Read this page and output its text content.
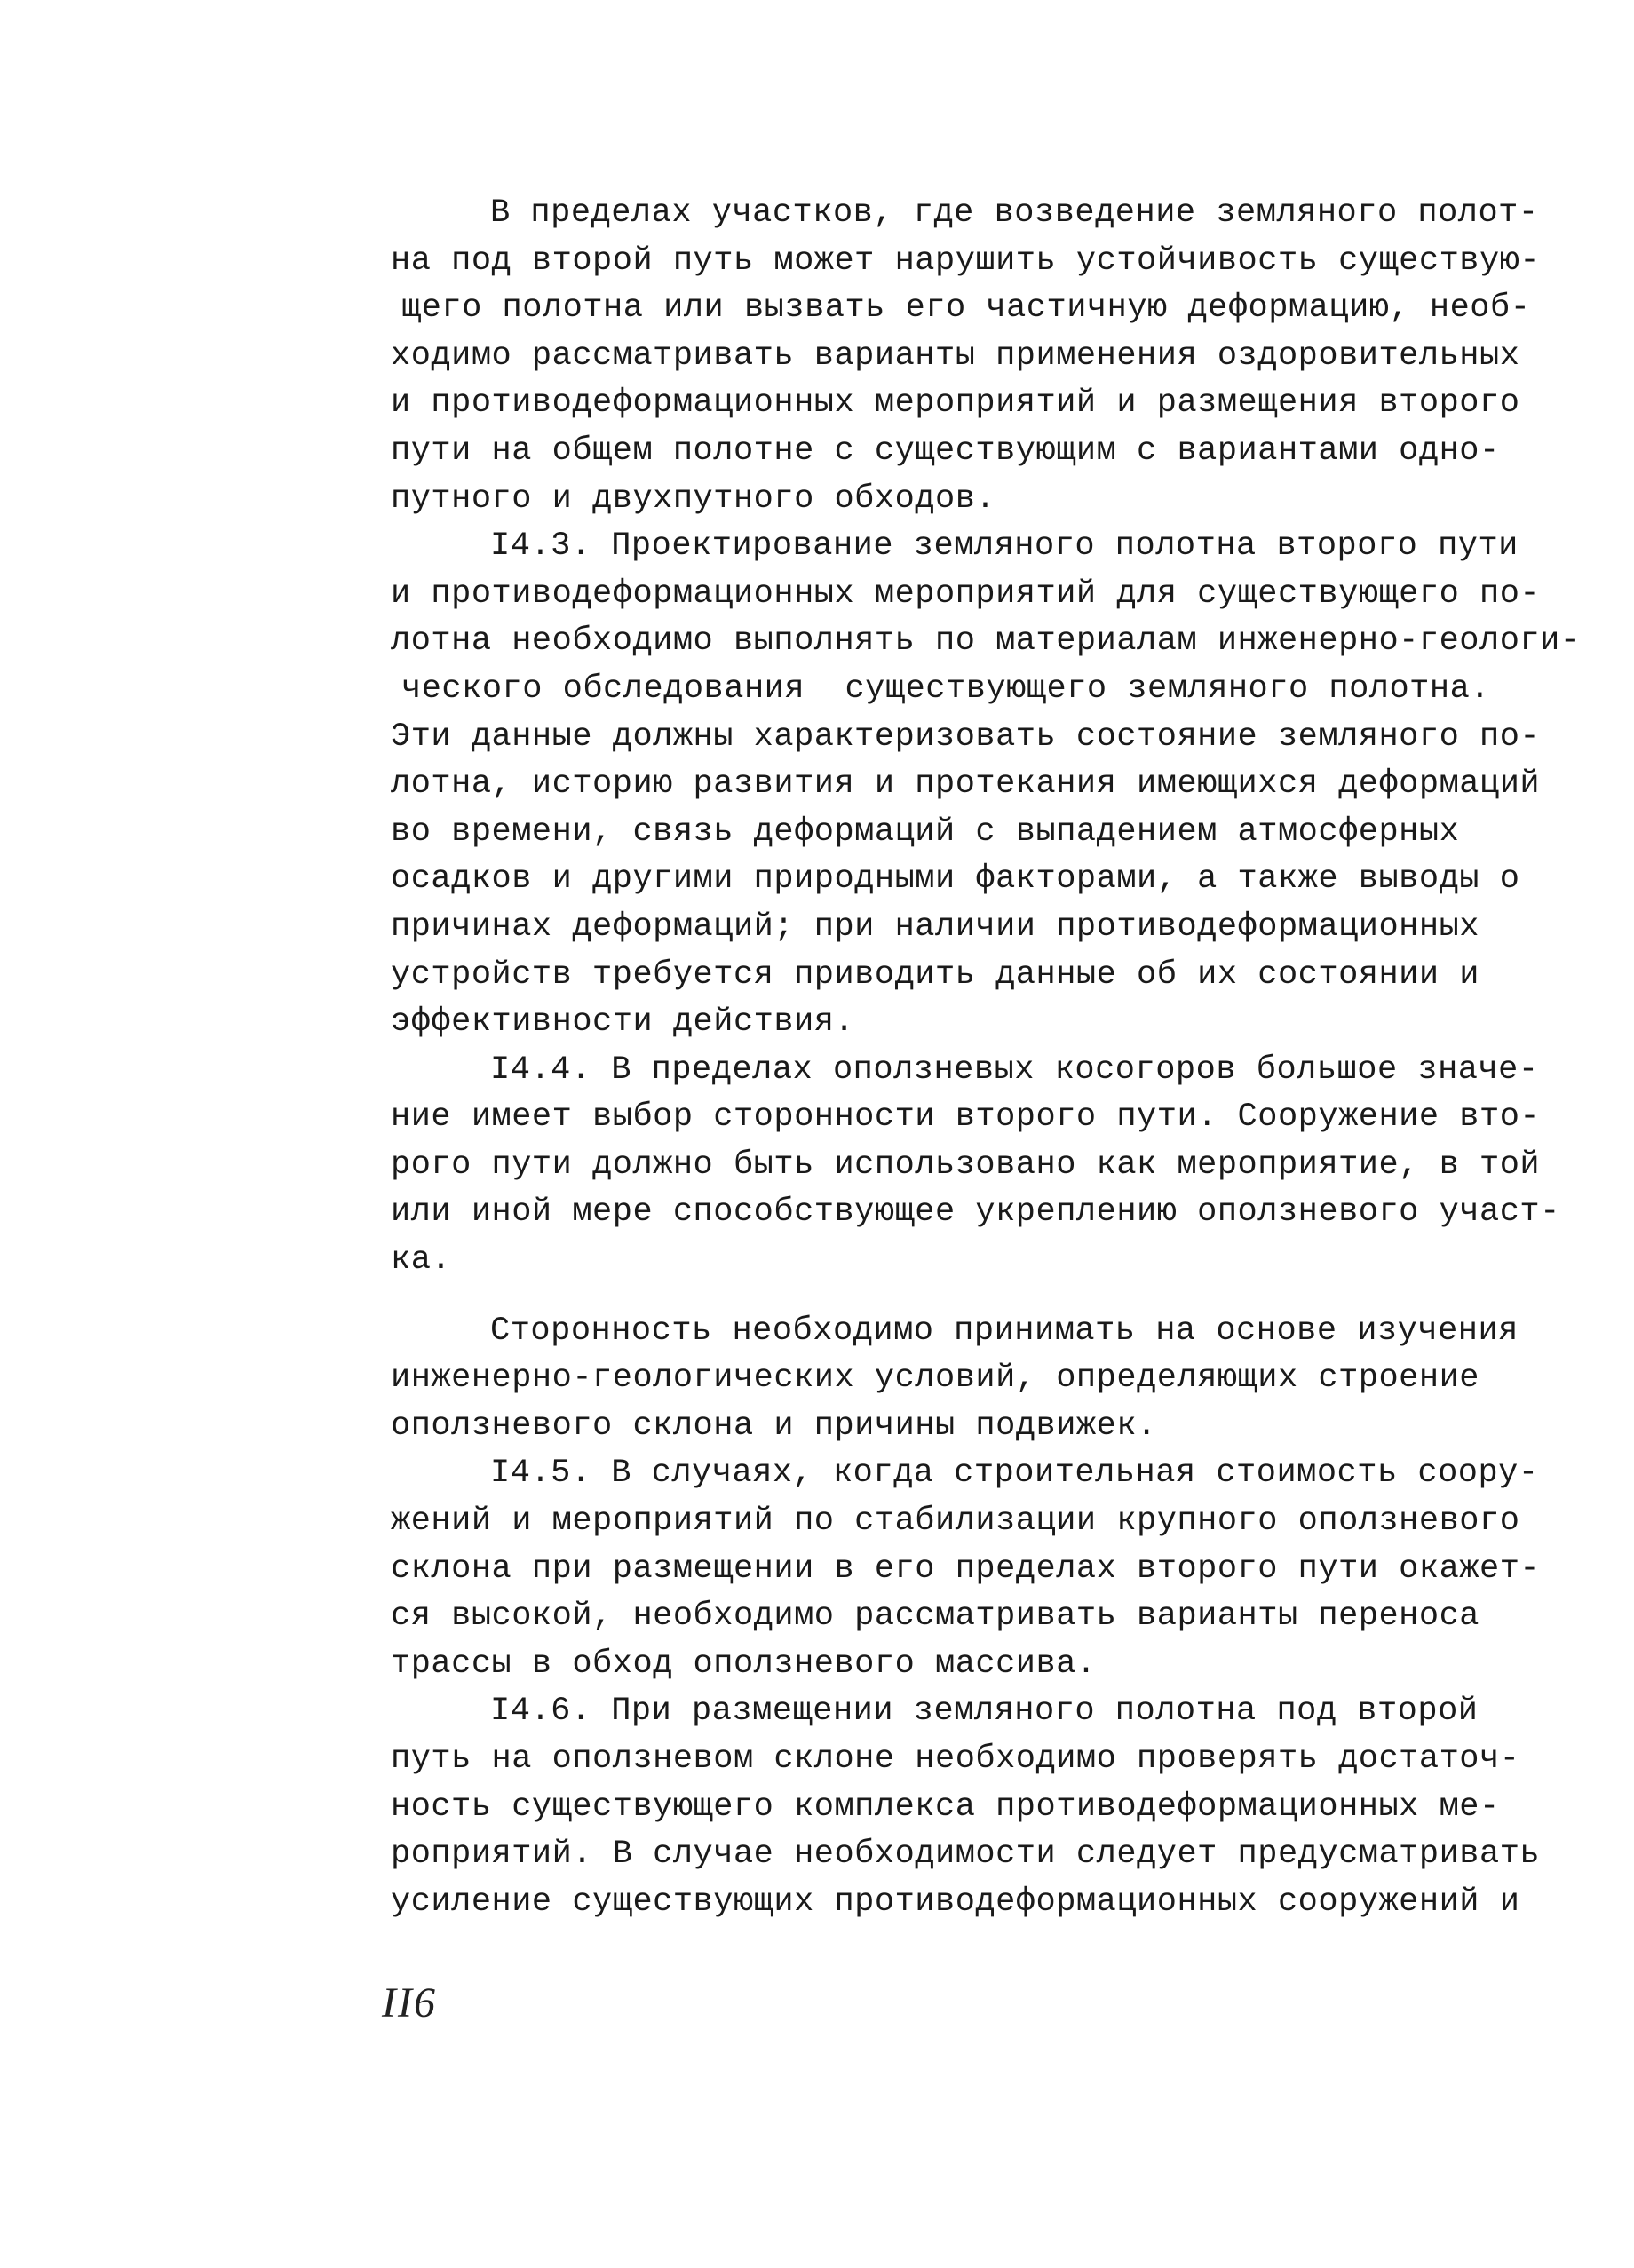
В пределах участков, где возведение земляного полот-
на под второй путь может нарушить устойчивость существую-
щего полотна или вызвать его частичную деформацию, необ-
ходимо рассматривать варианты применения оздоровительных
и противодеформационных мероприятий и размещения второго
пути на общем полотне с существующим с вариантами одно-
путного и двухпутного обходов.
I4.3. Проектирование земляного полотна второго пути
и противодеформационных мероприятий для существующего по-
лотна необходимо выполнять по материалам инженерно-геологи-
ческого обследования  существующего земляного полотна.
Эти данные должны характеризовать состояние земляного по-
лотна, историю развития и протекания имеющихся деформаций
во времени, связь деформаций с выпадением атмосферных
осадков и другими природными факторами, а также выводы о
причинах деформаций; при наличии противодеформационных
устройств требуется приводить данные об их состоянии и
эффективности действия.
I4.4. В пределах оползневых косогоров большое значе-
ние имеет выбор сторонности второго пути. Сооружение вто-
рого пути должно быть использовано как мероприятие, в той
или иной мере способствующее укреплению оползневого участ-
ка.
Сторонность необходимо принимать на основе изучения
инженерно-геологических условий, определяющих строение
оползневого склона и причины подвижек.
I4.5. В случаях, когда строительная стоимость соору-
жений и мероприятий по стабилизации крупного оползневого
склона при размещении в его пределах второго пути окажет-
ся высокой, необходимо рассматривать варианты переноса
трассы в обход оползневого массива.
I4.6. При размещении земляного полотна под второй
путь на оползневом склоне необходимо проверять достаточ-
ность существующего комплекса противодеформационных ме-
роприятий. В случае необходимости следует предусматривать
усиление существующих противодеформационных сооружений и
II6
